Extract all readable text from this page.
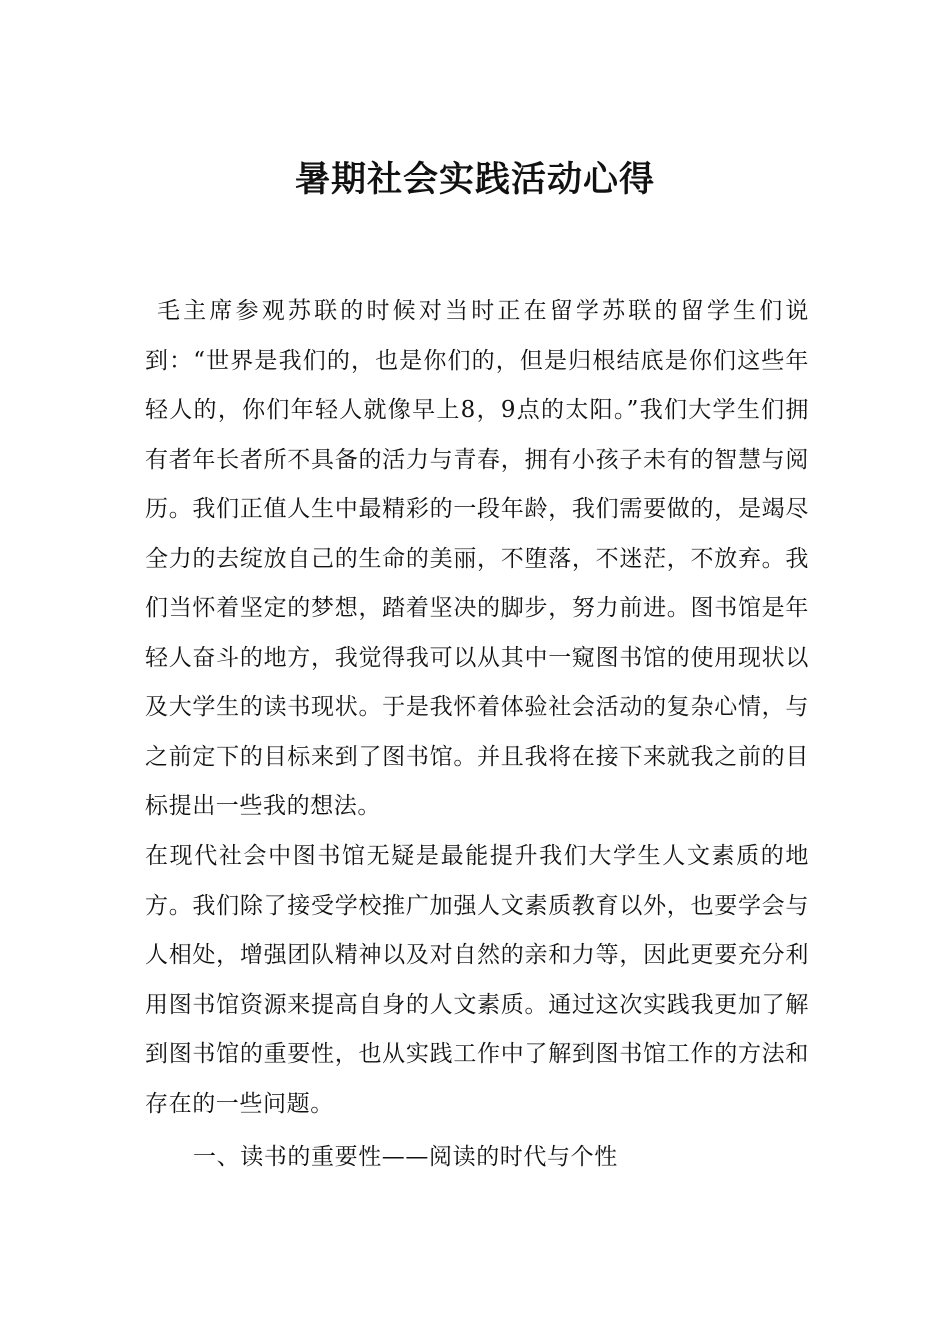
暑期社会实践活动心得

毛主席参观苏联的时候对当时正在留学苏联的留学生们说到：“世界是我们的，也是你们的，但是归根结底是你们这些年轻人的，你们年轻人就像早上8，9点的太阳。”我们大学生们拥有者年长者所不具备的活力与青春，拥有小孩子未有的智慧与阅历。我们正值人生中最精彩的一段年龄，我们需要做的，是竭尽全力的去绽放自己的生命的美丽，不堕落，不迷茫，不放弃。我们当怀着坚定的梦想，踏着坚决的脚步，努力前进。图书馆是年轻人奋斗的地方，我觉得我可以从其中一窥图书馆的使用现状以及大学生的读书现状。于是我怀着体验社会活动的复杂心情，与之前定下的目标来到了图书馆。并且我将在接下来就我之前的目标提出一些我的想法。

在现代社会中图书馆无疑是最能提升我们大学生人文素质的地方。我们除了接受学校推广加强人文素质教育以外，也要学会与人相处，增强团队精神以及对自然的亲和力等，因此更要充分利用图书馆资源来提高自身的人文素质。通过这次实践我更加了解到图书馆的重要性，也从实践工作中了解到图书馆工作的方法和存在的一些问题。

一、读书的重要性——阅读的时代与个性
